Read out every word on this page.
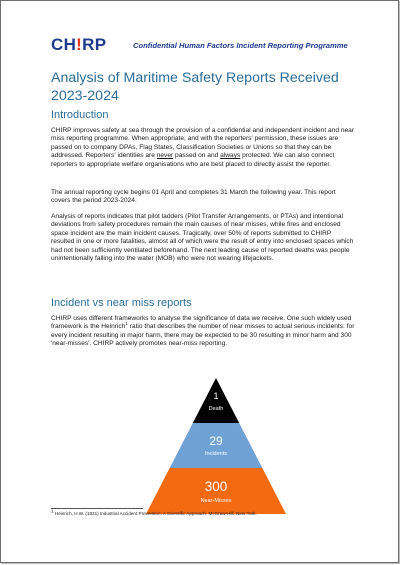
CH!RP	Confidential Human Factors Incident Reporting Programme
Analysis of Maritime Safety Reports Received 2023-2024
Introduction

CHIRP improves safety at sea through the provision of a confidential and independent incident and near miss reporting programme. When appropriate, and with the reporters' permission, these issues are passed on to company DPAs, Flag States, Classification Societies or Unions so that they can be addressed. Reporters' identities are never passed on and always protected. We can also connect reporters to appropriate welfare organisations who are best placed to directly assist the reporter.

The annual reporting cycle begins 01 April and completes 31 March the following year. This report covers the period 2023-2024.

Analysis of reports indicates that pilot ladders (Pilot Transfer Arrangements, or PTAs) and intentional deviations from safety procedures remain the main causes of near misses, while fires and enclosed space incident are the main incident causes. Tragically, over 50% of reports submitted to CHIRP resulted in one or more fatalities, almost all of which were the result of entry into enclosed spaces which had not been sufficiently ventilated beforehand. The next leading cause of reported deaths was people unintentionally falling into the water (MOB) who were not wearing lifejackets.

Incident vs near miss reports

CHIRP uses different frameworks to analyse the significance of data we receive. One such widely used framework is the Heinrich$^1$ ratio that describes the number of near misses to actual serious incidents: for every incident resulting in major harm, there may be expected to be 30 resulting in minor harm and 300 'near-misses'. CHIRP actively promotes near-miss reporting.

1
Death
29
Incidents
300
Near-Misses
$^1$ Heinrich, H.W. (1931) Industrial Accident Prevention: A Scientific Approach. McGraw-Hill, New York.
